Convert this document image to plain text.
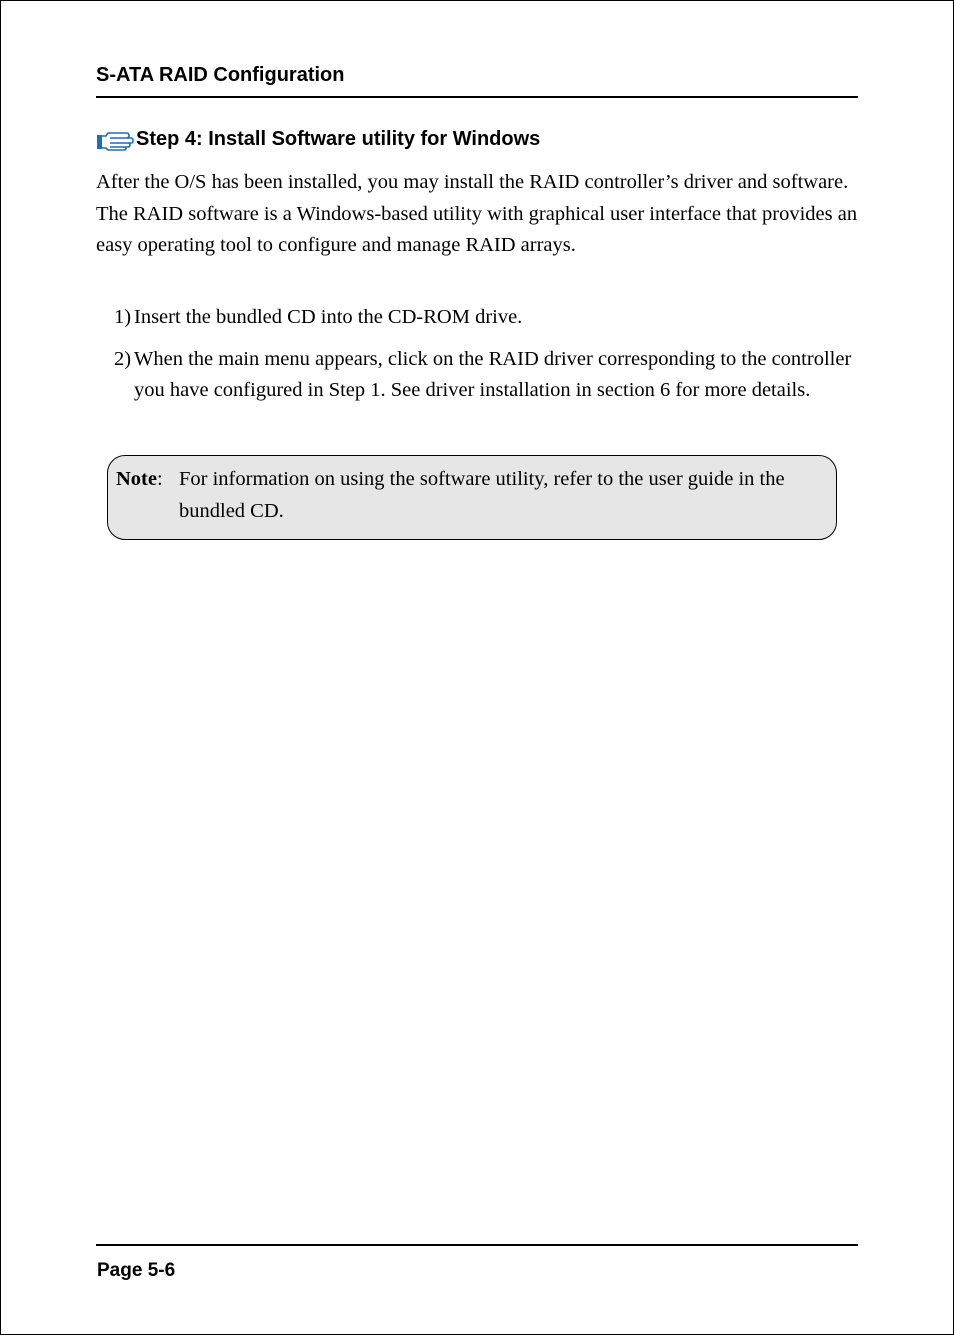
S-ATA RAID Configuration
Step 4: Install Software utility for Windows

After the O/S has been installed, you may install the RAID controller’s driver and software. The RAID software is a Windows-based utility with graphical user interface that provides an easy operating tool to configure and manage RAID arrays.

1) Insert the bundled CD into the CD-ROM drive.
2) When the main menu appears, click on the RAID driver corresponding to the controller you have configured in Step 1. See driver installation in section 6 for more details.
Note: For information on using the software utility, refer to the user guide in the bundled CD.
Page 5-6
